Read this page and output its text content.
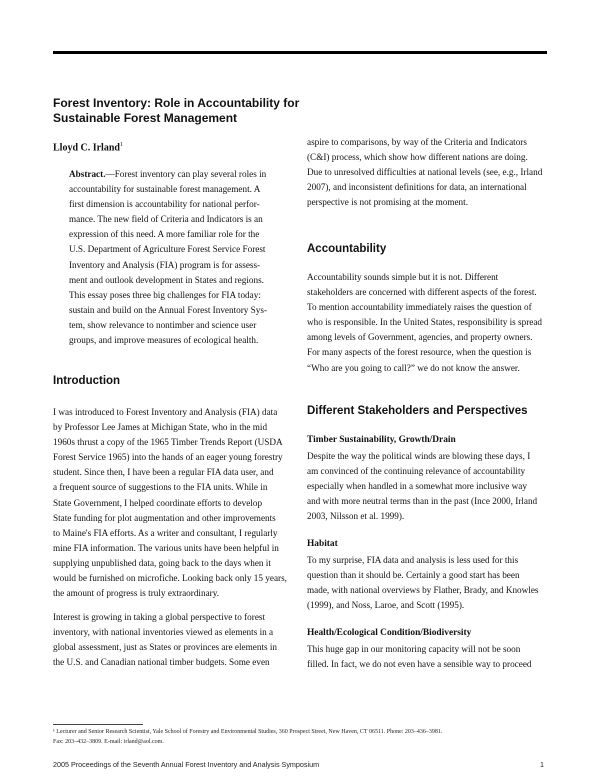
Forest Inventory: Role in Accountability for
Sustainable Forest Management
Lloyd C. Irland$^1$
Abstract.—Forest inventory can play several roles in
accountability for sustainable forest management. A
first dimension is accountability for national perfor-
mance. The new field of Criteria and Indicators is an
expression of this need. A more familiar role for the
U.S. Department of Agriculture Forest Service Forest
Inventory and Analysis (FIA) program is for assess-
ment and outlook development in States and regions.
This essay poses three big challenges for FIA today:
sustain and build on the Annual Forest Inventory Sys-
tem, show relevance to nontimber and science user
groups, and improve measures of ecological health.
Introduction
I was introduced to Forest Inventory and Analysis (FIA) data
by Professor Lee James at Michigan State, who in the mid
1960s thrust a copy of the 1965 Timber Trends Report (USDA
Forest Service 1965) into the hands of an eager young forestry
student. Since then, I have been a regular FIA data user, and
a frequent source of suggestions to the FIA units. While in
State Government, I helped coordinate efforts to develop
State funding for plot augmentation and other improvements
to Maine's FIA efforts. As a writer and consultant, I regularly
mine FIA information. The various units have been helpful in
supplying unpublished data, going back to the days when it
would be furnished on microfiche. Looking back only 15 years,
the amount of progress is truly extraordinary.
Interest is growing in taking a global perspective to forest
inventory, with national inventories viewed as elements in a
global assessment, just as States or provinces are elements in
the U.S. and Canadian national timber budgets. Some even
aspire to comparisons, by way of the Criteria and Indicators
(C&I) process, which show how different nations are doing.
Due to unresolved difficulties at national levels (see, e.g., Irland
2007), and inconsistent definitions for data, an international
perspective is not promising at the moment.
Accountability
Accountability sounds simple but it is not. Different
stakeholders are concerned with different aspects of the forest.
To mention accountability immediately raises the question of
who is responsible. In the United States, responsibility is spread
among levels of Government, agencies, and property owners.
For many aspects of the forest resource, when the question is
“Who are you going to call?” we do not know the answer.
Different Stakeholders and Perspectives
Timber Sustainability, Growth/Drain
Despite the way the political winds are blowing these days, I
am convinced of the continuing relevance of accountability
especially when handled in a somewhat more inclusive way
and with more neutral terms than in the past (Ince 2000, Irland
2003, Nilsson et al. 1999).
Habitat
To my surprise, FIA data and analysis is less used for this
question than it should be. Certainly a good start has been
made, with national overviews by Flather, Brady, and Knowles
(1999), and Noss, Laroe, and Scott (1995).
Health/Ecological Condition/Biodiversity
This huge gap in our monitoring capacity will not be soon
filled. In fact, we do not even have a sensible way to proceed
¹ Lecturer and Senior Research Scientist, Yale School of Forestry and Environmental Studies, 360 Prospect Street, New Haven, CT 06511. Phone: 203–436–3981.
Fax: 203–432–3809. E-mail: irland@aol.com.
2005 Proceedings of the Seventh Annual Forest Inventory and Analysis Symposium	1
